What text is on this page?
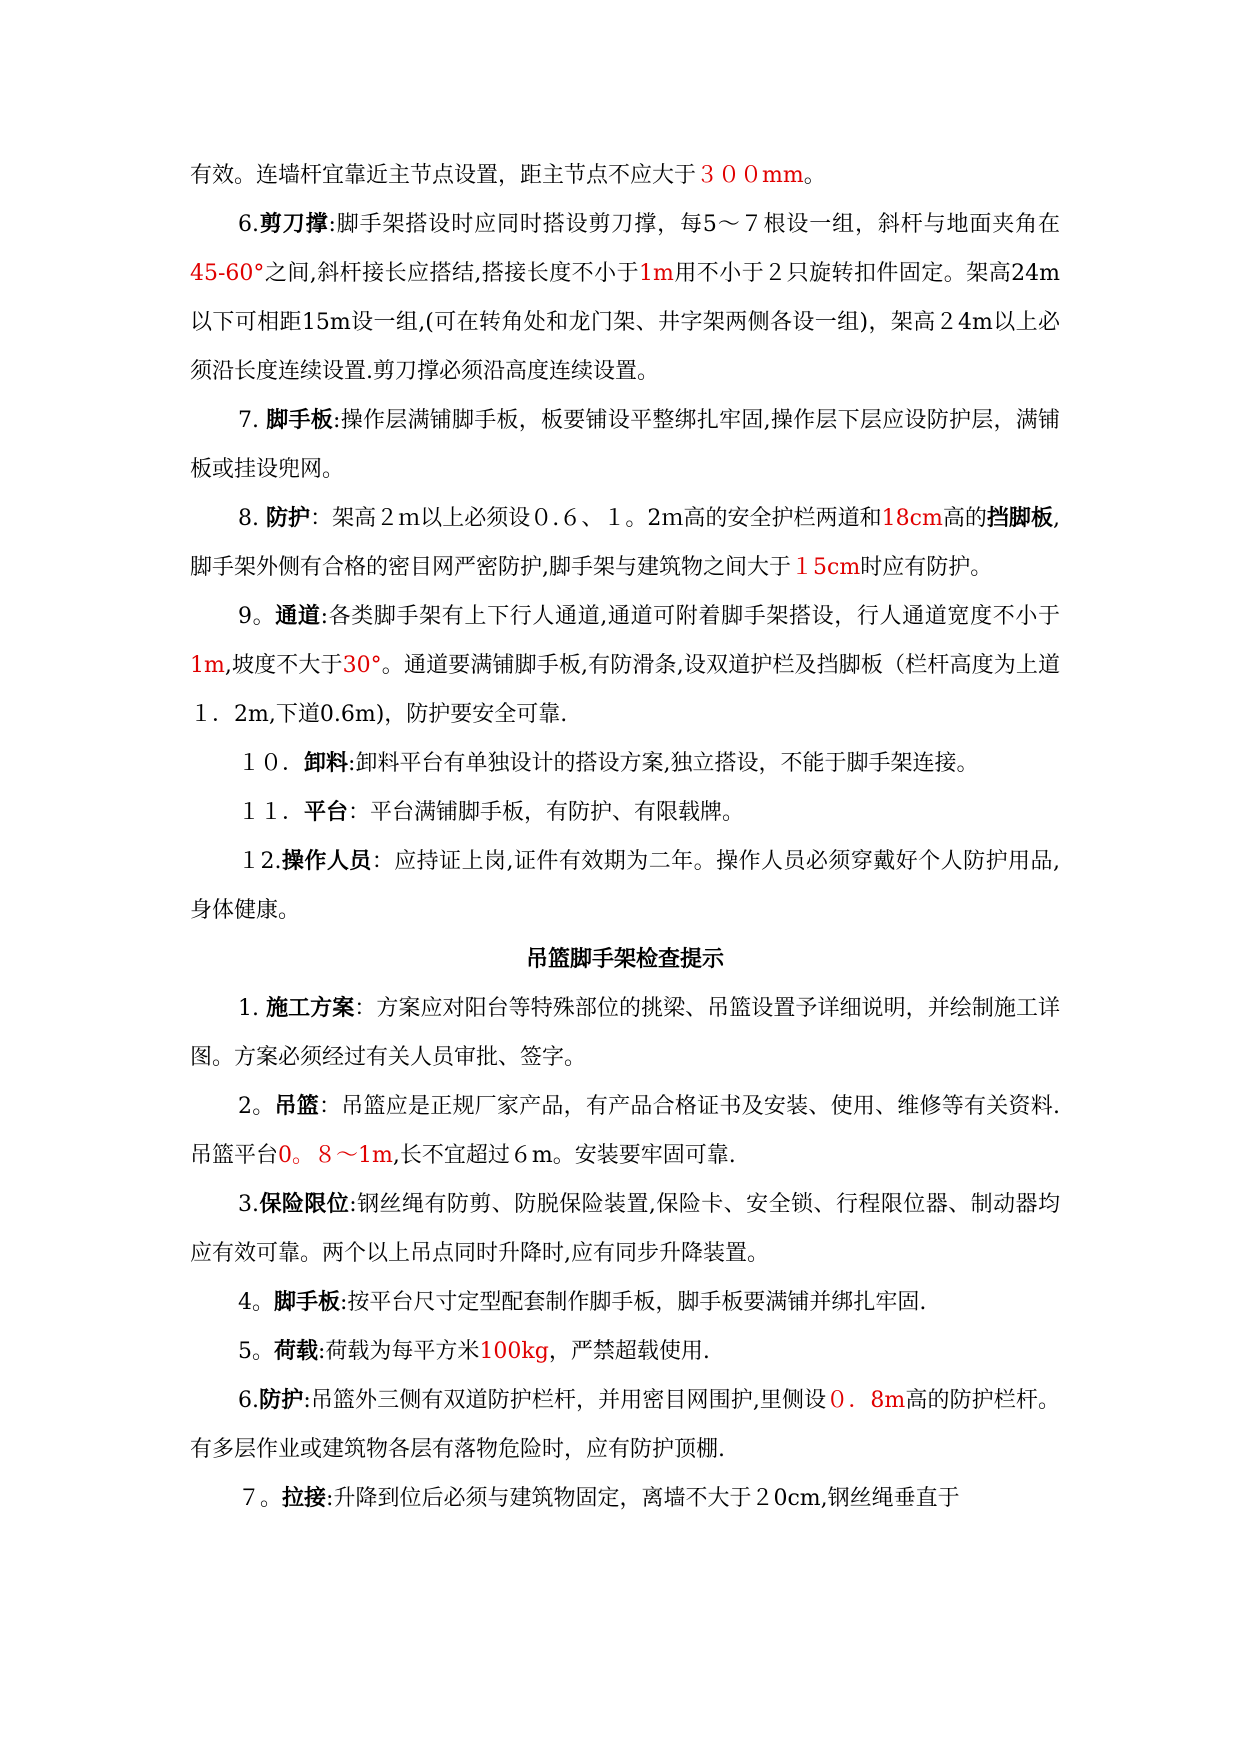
有效。连墙杆宜靠近主节点设置，距主节点不应大于３００mm。

6.剪刀撑:脚手架搭设时应同时搭设剪刀撑，每5～７根设一组，斜杆与地面夹角在45-60°之间,斜杆接长应搭结,搭接长度不小于1m用不小于２只旋转扣件固定。架高24m以下可相距15m设一组,(可在转角处和龙门架、井字架两侧各设一组)，架高２4m以上必须沿长度连续设置.剪刀撑必须沿高度连续设置。

7. 脚手板:操作层满铺脚手板，板要铺设平整绑扎牢固,操作层下层应设防护层，满铺板或挂设兜网。

8. 防护：架高２ｍ以上必须设０.６、１。2ｍ高的安全护栏两道和18cm高的挡脚板,脚手架外侧有合格的密目网严密防护,脚手架与建筑物之间大于１5cm时应有防护。

9。通道:各类脚手架有上下行人通道,通道可附着脚手架搭设，行人通道宽度不小于1m,坡度不大于30°。通道要满铺脚手板,有防滑条,设双道护栏及挡脚板（栏杆高度为上道１．2m,下道0.6m)，防护要安全可靠.

１０．卸料:卸料平台有单独设计的搭设方案,独立搭设，不能于脚手架连接。

１１．平台：平台满铺脚手板，有防护、有限载牌。

１2.操作人员：应持证上岗,证件有效期为二年。操作人员必须穿戴好个人防护用品,身体健康。

吊篮脚手架检查提示

1. 施工方案：方案应对阳台等特殊部位的挑梁、吊篮设置予详细说明，并绘制施工详图。方案必须经过有关人员审批、签字。

2。吊篮：吊篮应是正规厂家产品，有产品合格证书及安装、使用、维修等有关资料.吊篮平台0。８～1m,长不宜超过６m。安装要牢固可靠.

3.保险限位:钢丝绳有防剪、防脱保险装置,保险卡、安全锁、行程限位器、制动器均应有效可靠。两个以上吊点同时升降时,应有同步升降装置。

4。脚手板:按平台尺寸定型配套制作脚手板，脚手板要满铺并绑扎牢固.

5。荷载:荷载为每平方米100kg，严禁超载使用.

6.防护:吊篮外三侧有双道防护栏杆，并用密目网围护,里侧设０．8m高的防护栏杆。有多层作业或建筑物各层有落物危险时，应有防护顶棚.

７。拉接:升降到位后必须与建筑物固定，离墙不大于２0cm,钢丝绳垂直于
